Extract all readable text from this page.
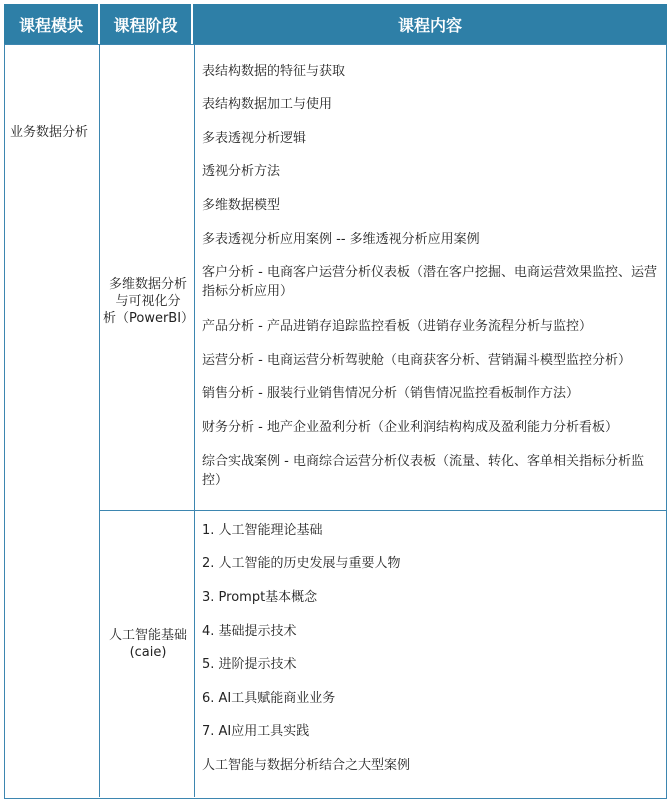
课程模块	课程阶段	课程内容
业务数据分析
多维数据分析
与可视化分
析（PowerBI）
人工智能基础
(caie)
表结构数据的特征与获取
表结构数据加工与使用
多表透视分析逻辑
透视分析方法
多维数据模型
多表透视分析应用案例 -- 多维透视分析应用案例
客户分析 - 电商客户运营分析仪表板（潜在客户挖掘、电商运营效果监控、运营指标分析应用）
产品分析 - 产品进销存追踪监控看板（进销存业务流程分析与监控）
运营分析 - 电商运营分析驾驶舱（电商获客分析、营销漏斗模型监控分析）
销售分析 - 服装行业销售情况分析（销售情况监控看板制作方法）
财务分析 - 地产企业盈利分析（企业利润结构构成及盈利能力分析看板）
综合实战案例 - 电商综合运营分析仪表板（流量、转化、客单相关指标分析监控）
1. 人工智能理论基础
2. 人工智能的历史发展与重要人物
3. Prompt基本概念
4. 基础提示技术
5. 进阶提示技术
6. AI工具赋能商业业务
7. AI应用工具实践
人工智能与数据分析结合之大型案例
